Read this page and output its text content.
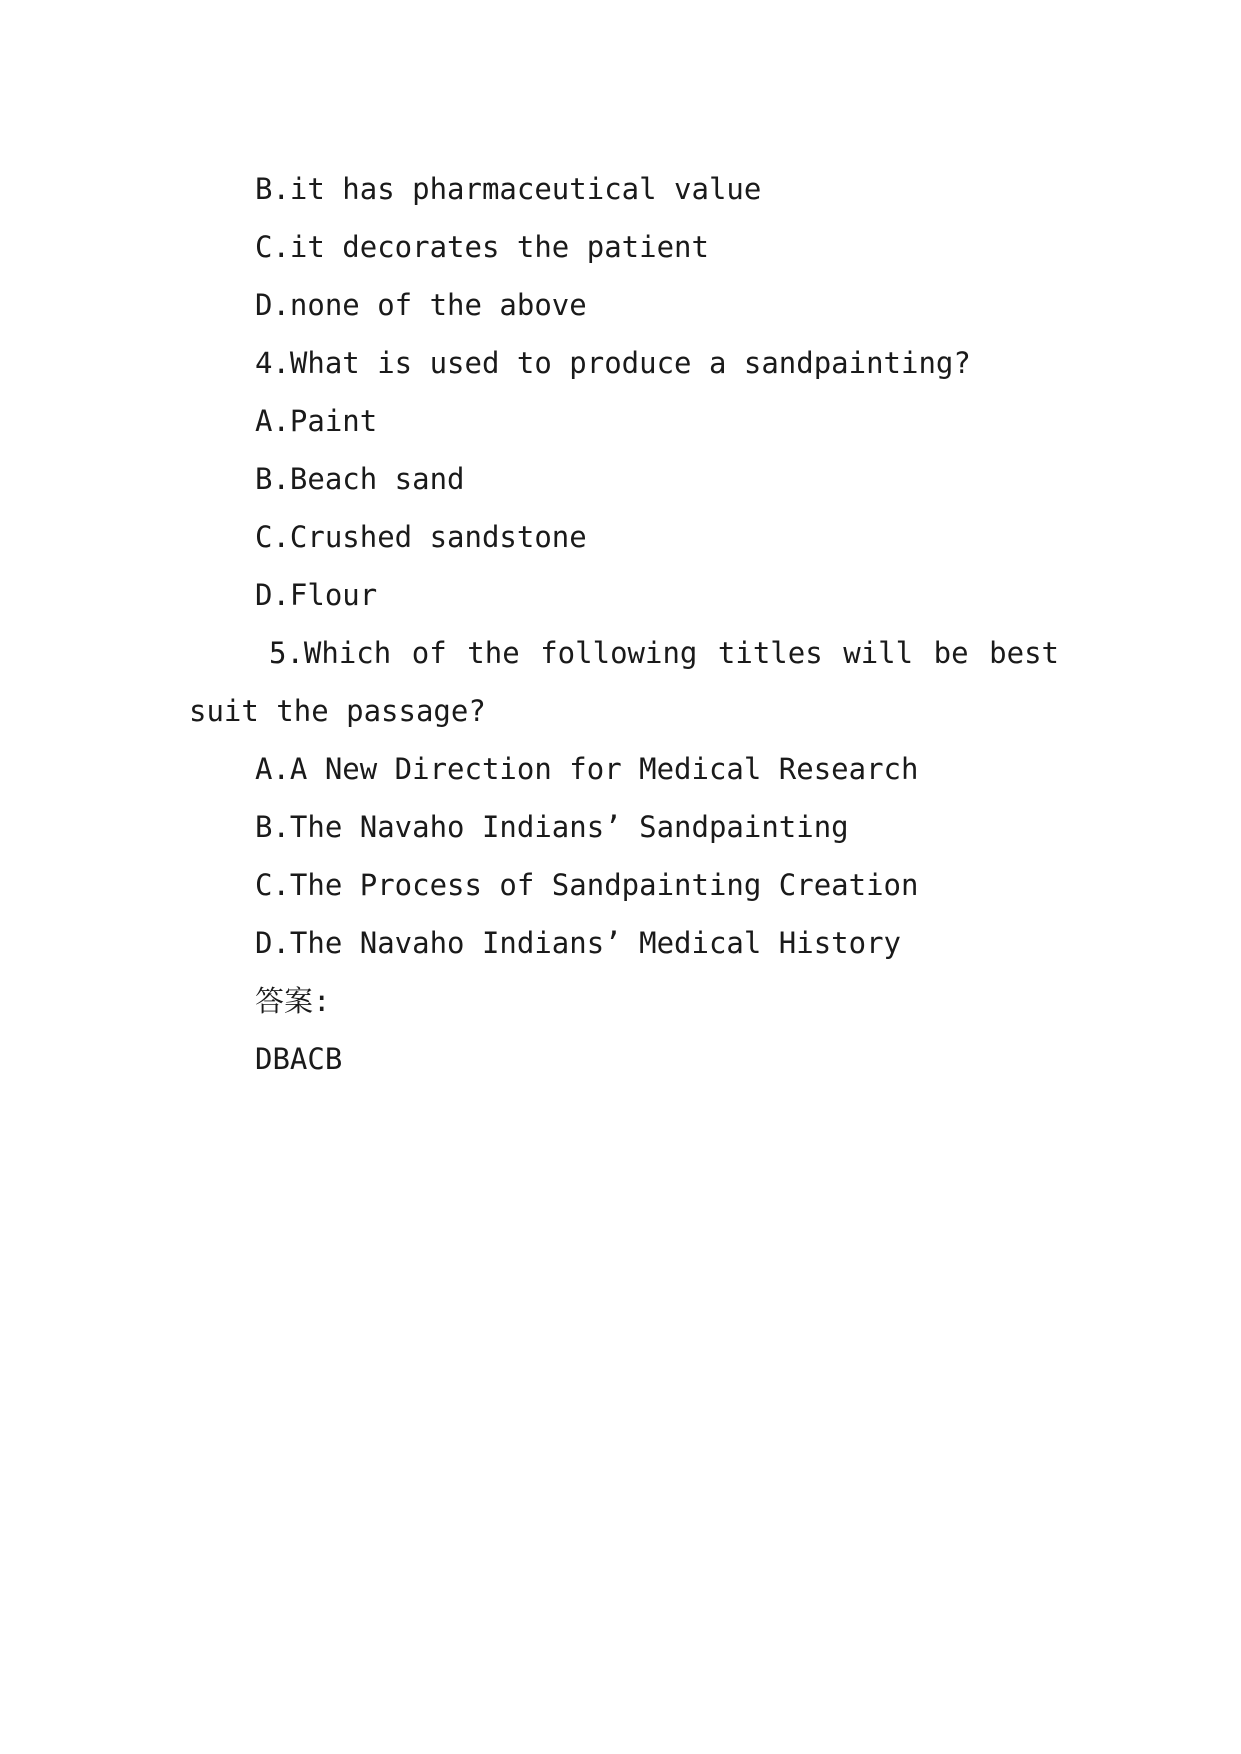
B.it has pharmaceutical value
C.it decorates the patient
D.none of the above
4.What is used to produce a sandpainting?
A.Paint
B.Beach sand
C.Crushed sandstone
D.Flour
5.Which of the following titles will be best
suit the passage?
A.A New Direction for Medical Research
B.The Navaho Indians’ Sandpainting
C.The Process of Sandpainting Creation
D.The Navaho Indians’ Medical History
答案:
DBACB
